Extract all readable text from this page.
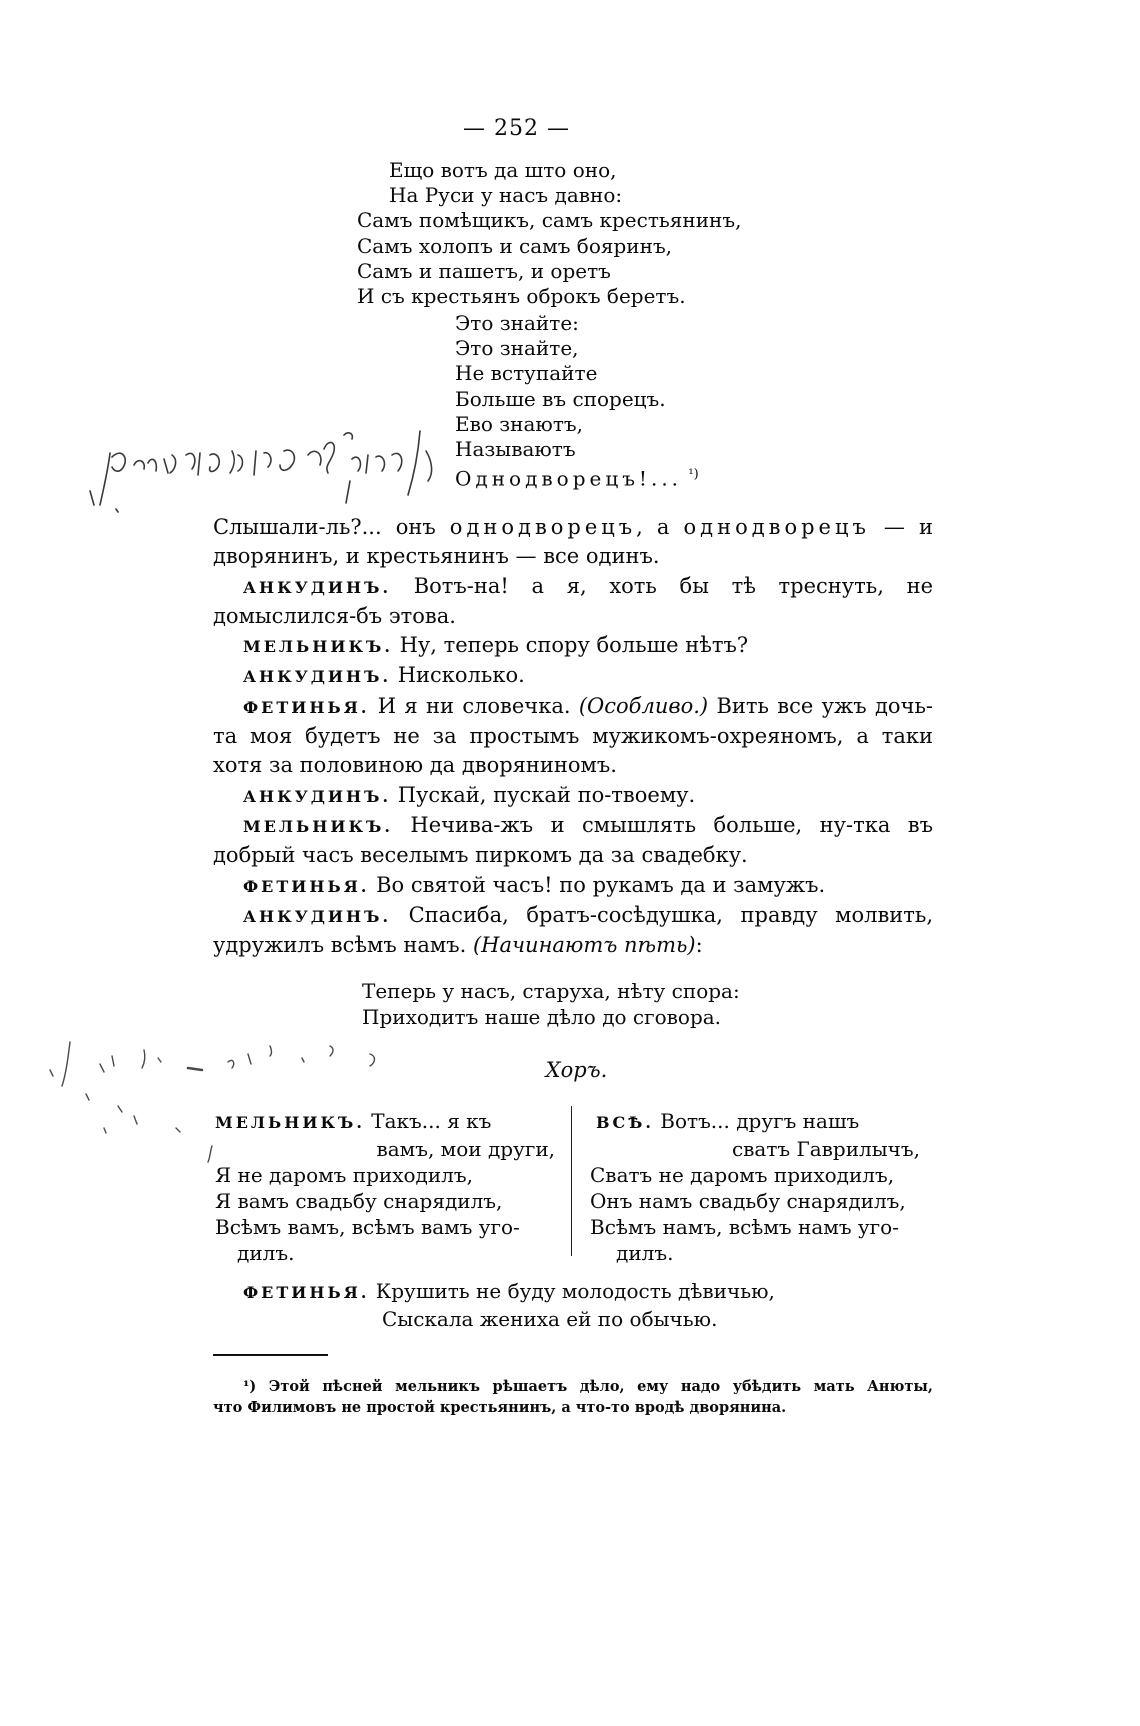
— 252 —
Ещо вотъ да што оно,
На Руси у насъ давно:
Самъ помѣщикъ, самъ крестьянинъ,
Самъ холопъ и самъ бояринъ,
Самъ и пашетъ, и оретъ
И съ крестьянъ оброкъ беретъ.
Это знайте:
Это знайте,
Не вступайте
Больше въ спорецъ.
Ево знаютъ,
Называютъ
Однодворецъ!... $^{^1)}$
Слышали-ль?... онъ однодворецъ, а однодворецъ — и дворянинъ, и крестьянинъ — все одинъ.
АНКУДИНЪ. Вотъ-на! а я, хоть бы тѣ треснуть, не домыслился-бъ этова.
МЕЛЬНИКЪ. Ну, теперь спору больше нѣтъ?
АНКУДИНЪ. Нисколько.
ФЕТИНЬЯ. И я ни словечка. (Особливо.) Вить все ужъ дочь-та моя будетъ не за простымъ мужикомъ-охреяномъ, а таки хотя за половиною да дворяниномъ.
АНКУДИНЪ. Пускай, пускай по-твоему.
МЕЛЬНИКЪ. Нечива-жъ и смышлять больше, ну-тка въ добрый часъ веселымъ пиркомъ да за свадебку.
ФЕТИНЬЯ. Во святой часъ! по рукамъ да и замужъ.
АНКУДИНЪ. Спасиба, братъ-сосѣдушка, правду молвить, удружилъ всѣмъ намъ. (Начинаютъ пѣть):
Теперь у насъ, старуха, нѣту спора:
Приходитъ наше дѣло до сговора.
Хоръ.
МЕЛЬНИКЪ. Такъ... я къ
вамъ, мои други,
Я не даромъ приходилъ,
Я вамъ свадьбу снарядилъ,
Всѣмъ вамъ, всѣмъ вамъ уго-
дилъ.
ВСѢ. Вотъ... другъ нашъ
сватъ Гаврилычъ,
Сватъ не даромъ приходилъ,
Онъ намъ свадьбу снарядилъ,
Всѣмъ намъ, всѣмъ намъ уго-
дилъ.
ФЕТИНЬЯ. Крушить не буду молодость дѣвичью,
Сыскала жениха ей по обычью.
¹) Этой пѣсней мельникъ рѣшаетъ дѣло, ему надо убѣдить мать Анюты,
что Филимовъ не простой крестьянинъ, а что-то вродѣ дворянина.
